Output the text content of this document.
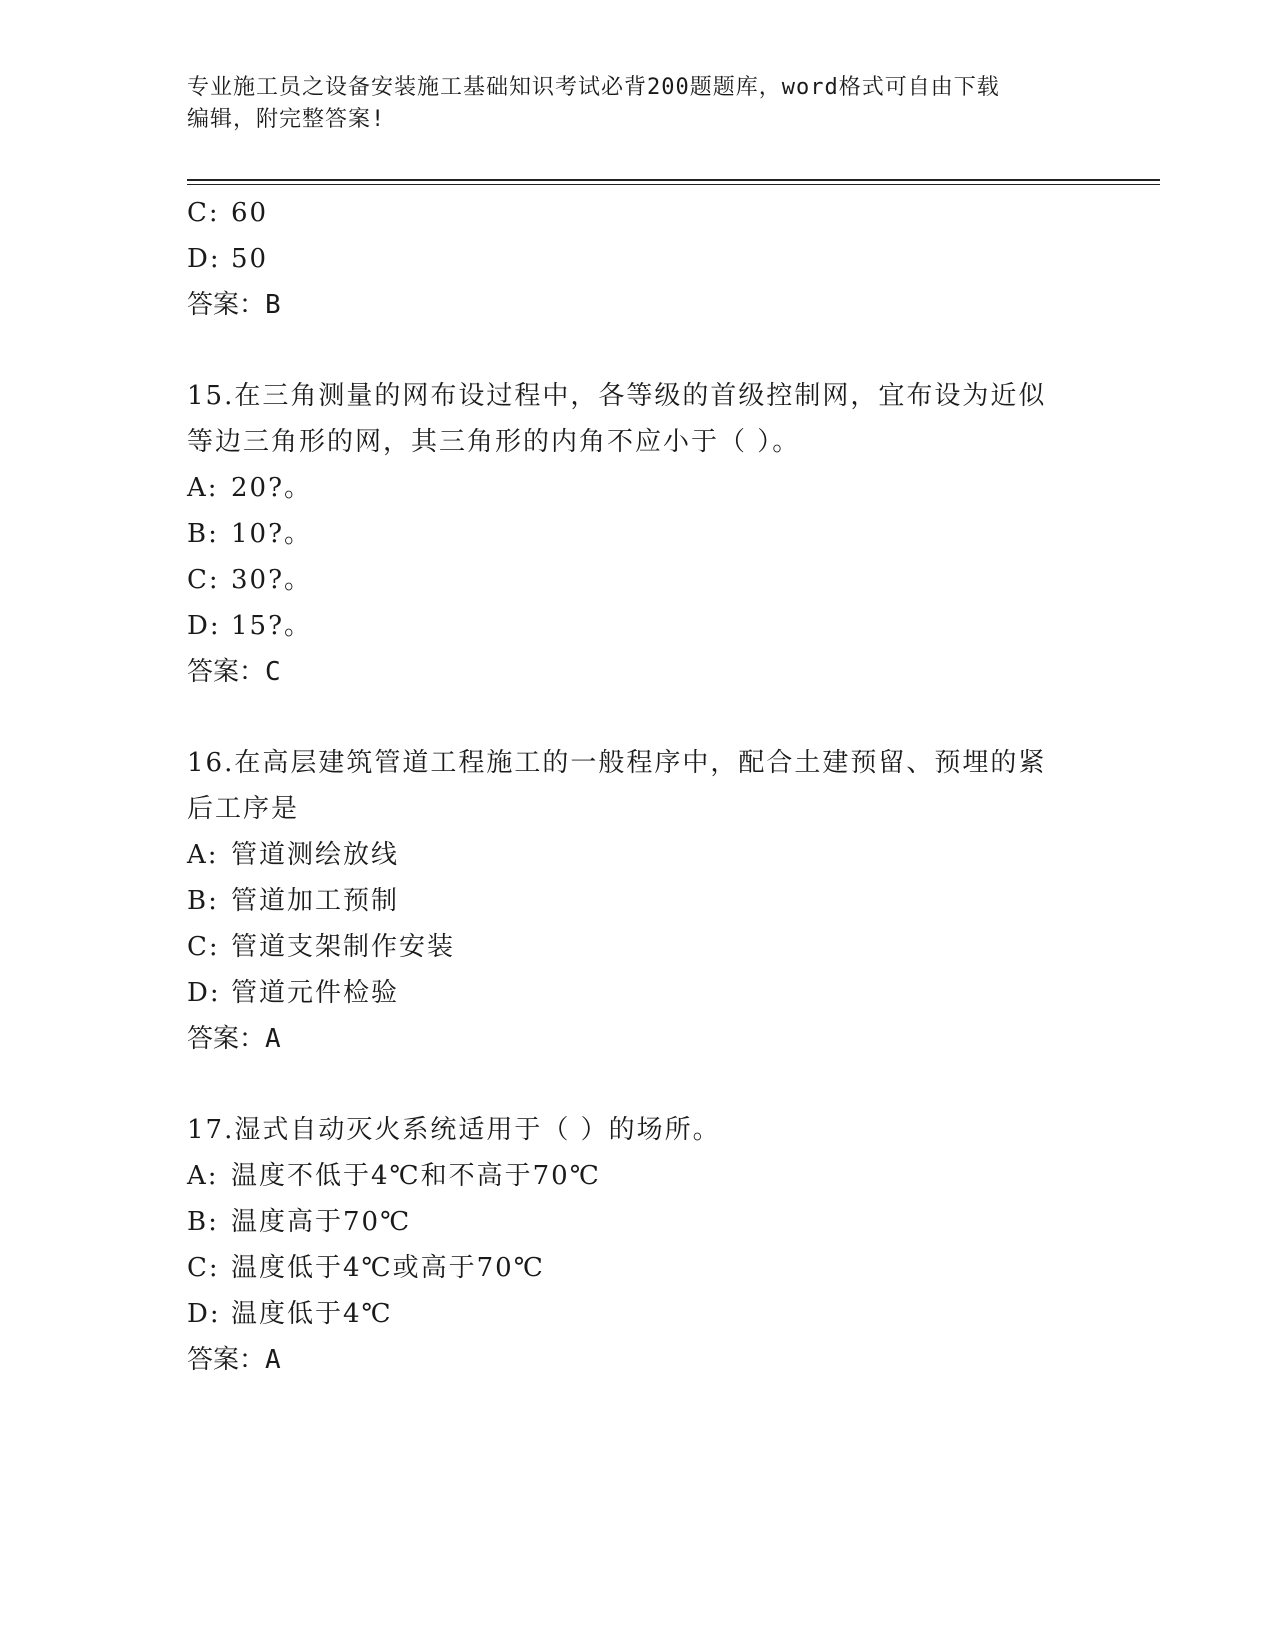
专业施工员之设备安装施工基础知识考试必背200题题库，word格式可自由下载
编辑，附完整答案!
C: 60
D: 50
答案：B
15.在三角测量的网布设过程中，各等级的首级控制网，宜布设为近似
等边三角形的网，其三角形的内角不应小于（ ）。
A: 20?。
B: 10?。
C: 30?。
D: 15?。
答案：C
16.在高层建筑管道工程施工的一般程序中，配合土建预留、预埋的紧
后工序是
A: 管道测绘放线
B: 管道加工预制
C: 管道支架制作安装
D: 管道元件检验
答案：A
17.湿式自动灭火系统适用于（ ）的场所。
A: 温度不低于4℃和不高于70℃
B: 温度高于70℃
C: 温度低于4℃或高于70℃
D: 温度低于4℃
答案：A
